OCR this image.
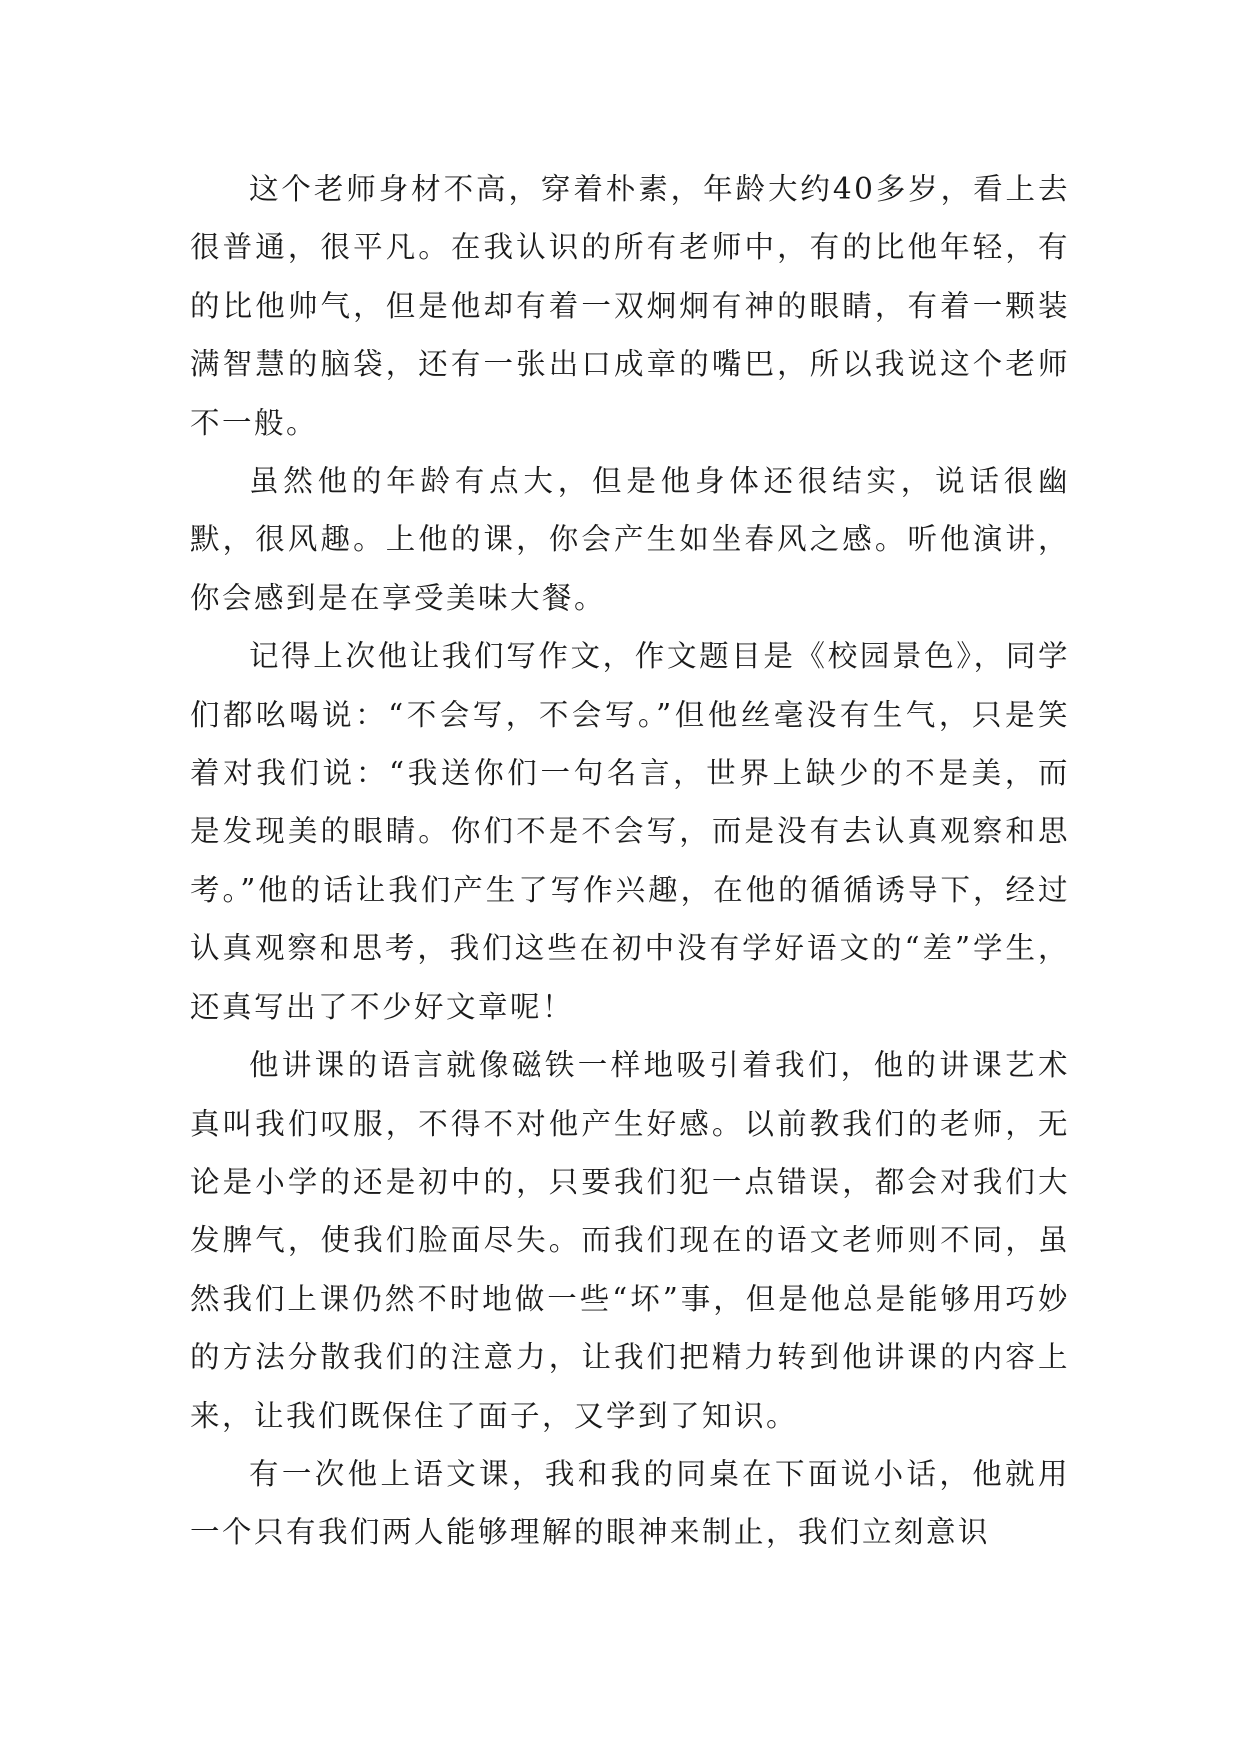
这个老师身材不高，穿着朴素，年龄大约40多岁，看上去很普通，很平凡。在我认识的所有老师中，有的比他年轻，有的比他帅气，但是他却有着一双炯炯有神的眼睛，有着一颗装满智慧的脑袋，还有一张出口成章的嘴巴，所以我说这个老师不一般。

虽然他的年龄有点大，但是他身体还很结实，说话很幽默，很风趣。上他的课，你会产生如坐春风之感。听他演讲，你会感到是在享受美味大餐。

记得上次他让我们写作文，作文题目是《校园景色》，同学们都吆喝说：“不会写，不会写。”但他丝毫没有生气，只是笑着对我们说：“我送你们一句名言，世界上缺少的不是美，而是发现美的眼睛。你们不是不会写，而是没有去认真观察和思考。”他的话让我们产生了写作兴趣，在他的循循诱导下，经过认真观察和思考，我们这些在初中没有学好语文的“差”学生，还真写出了不少好文章呢！

他讲课的语言就像磁铁一样地吸引着我们，他的讲课艺术真叫我们叹服，不得不对他产生好感。以前教我们的老师，无论是小学的还是初中的，只要我们犯一点错误，都会对我们大发脾气，使我们脸面尽失。而我们现在的语文老师则不同，虽然我们上课仍然不时地做一些“坏”事，但是他总是能够用巧妙的方法分散我们的注意力，让我们把精力转到他讲课的内容上来，让我们既保住了面子，又学到了知识。

有一次他上语文课，我和我的同桌在下面说小话，他就用一个只有我们两人能够理解的眼神来制止，我们立刻意识
